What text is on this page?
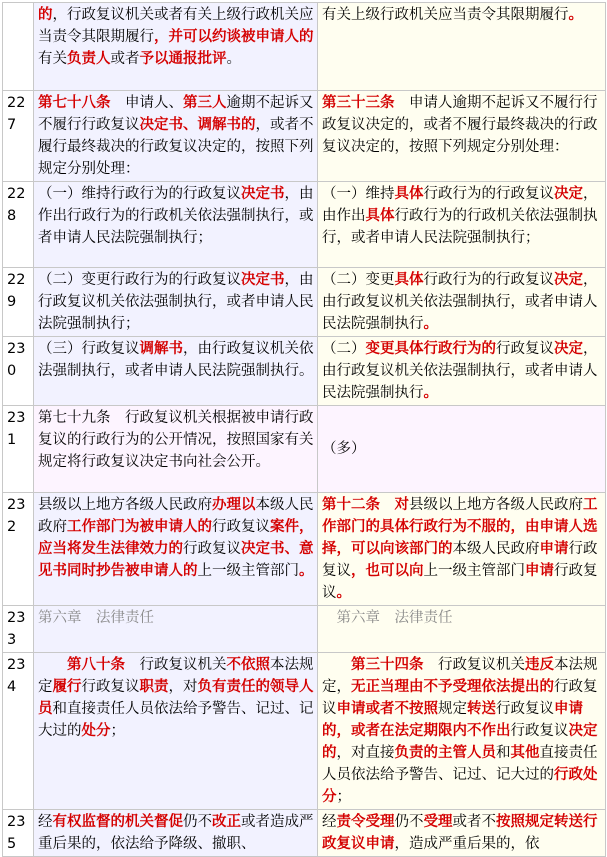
	的，行政复议机关或者有关上级行政机关应当责令其限期履行，并可以约谈被申请人的有关负责人或者予以通报批评。	有关上级行政机关应当责令其限期履行。
227	第七十八条　申请人、第三人逾期不起诉又不履行行政复议决定书、调解书的，或者不履行最终裁决的行政复议决定的，按照下列规定分别处理：	第三十三条　申请人逾期不起诉又不履行行政复议决定的，或者不履行最终裁决的行政复议决定的，按照下列规定分别处理：
228	（一）维持行政行为的行政复议决定书，由作出行政行为的行政机关依法强制执行，或者申请人民法院强制执行；	（一）维持具体行政行为的行政复议决定，由作出具体行政行为的行政机关依法强制执行，或者申请人民法院强制执行；
229	（二）变更行政行为的行政复议决定书，由行政复议机关依法强制执行，或者申请人民法院强制执行；	（二）变更具体行政行为的行政复议决定，由行政复议机关依法强制执行，或者申请人民法院强制执行。
230	（三）行政复议调解书，由行政复议机关依法强制执行，或者申请人民法院强制执行。	（二）变更具体行政行为的行政复议决定，由行政复议机关依法强制执行，或者申请人民法院强制执行。
231	第七十九条　行政复议机关根据被申请行政复议的行政行为的公开情况，按照国家有关规定将行政复议决定书向社会公开。	（多）
232	县级以上地方各级人民政府办理以本级人民政府工作部门为被申请人的行政复议案件，应当将发生法律效力的行政复议决定书、意见书同时抄告被申请人的上一级主管部门。	第十二条　对县级以上地方各级人民政府工作部门的具体行政行为不服的，由申请人选择，可以向该部门的本级人民政府申请行政复议，也可以向上一级主管部门申请行政复议。
233	第六章　法律责任	　第六章　法律责任
234	　　第八十条　行政复议机关不依照本法规定履行行政复议职责，对负有责任的领导人员和直接责任人员依法给予警告、记过、记大过的处分；	　　第三十四条　行政复议机关违反本法规定，无正当理由不予受理依法提出的行政复议申请或者不按照规定转送行政复议申请的，或者在法定期限内不作出行政复议决定的，对直接负责的主管人员和其他直接责任人员依法给予警告、记过、记大过的行政处分；
235	经有权监督的机关督促仍不改正或者造成严重后果的，依法给予降级、撤职、	经责令受理仍不受理或者不按照规定转送行政复议申请，造成严重后果的，依
